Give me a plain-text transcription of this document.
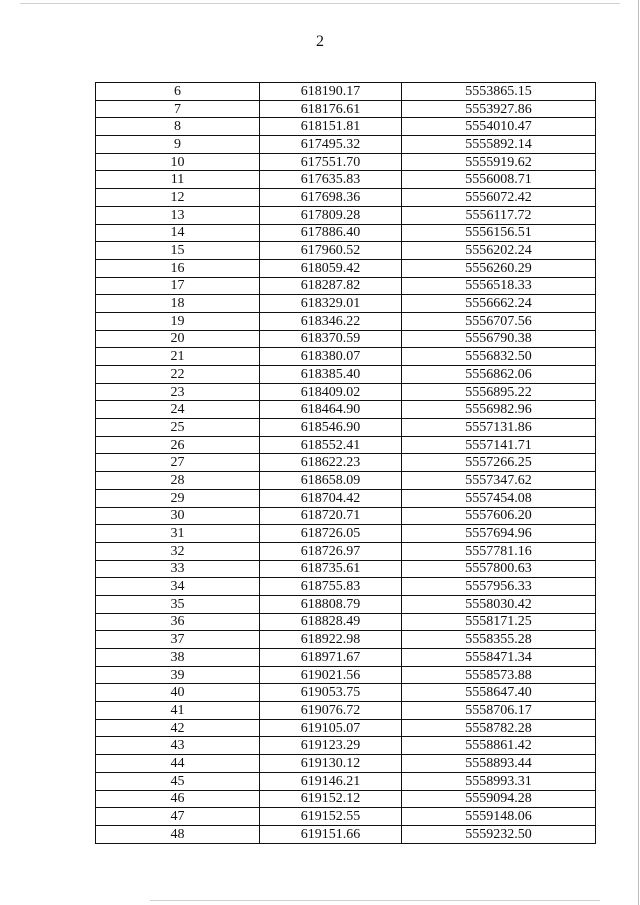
2
6	618190.17	5553865.15
7	618176.61	5553927.86
8	618151.81	5554010.47
9	617495.32	5555892.14
10	617551.70	5555919.62
11	617635.83	5556008.71
12	617698.36	5556072.42
13	617809.28	5556117.72
14	617886.40	5556156.51
15	617960.52	5556202.24
16	618059.42	5556260.29
17	618287.82	5556518.33
18	618329.01	5556662.24
19	618346.22	5556707.56
20	618370.59	5556790.38
21	618380.07	5556832.50
22	618385.40	5556862.06
23	618409.02	5556895.22
24	618464.90	5556982.96
25	618546.90	5557131.86
26	618552.41	5557141.71
27	618622.23	5557266.25
28	618658.09	5557347.62
29	618704.42	5557454.08
30	618720.71	5557606.20
31	618726.05	5557694.96
32	618726.97	5557781.16
33	618735.61	5557800.63
34	618755.83	5557956.33
35	618808.79	5558030.42
36	618828.49	5558171.25
37	618922.98	5558355.28
38	618971.67	5558471.34
39	619021.56	5558573.88
40	619053.75	5558647.40
41	619076.72	5558706.17
42	619105.07	5558782.28
43	619123.29	5558861.42
44	619130.12	5558893.44
45	619146.21	5558993.31
46	619152.12	5559094.28
47	619152.55	5559148.06
48	619151.66	5559232.50
